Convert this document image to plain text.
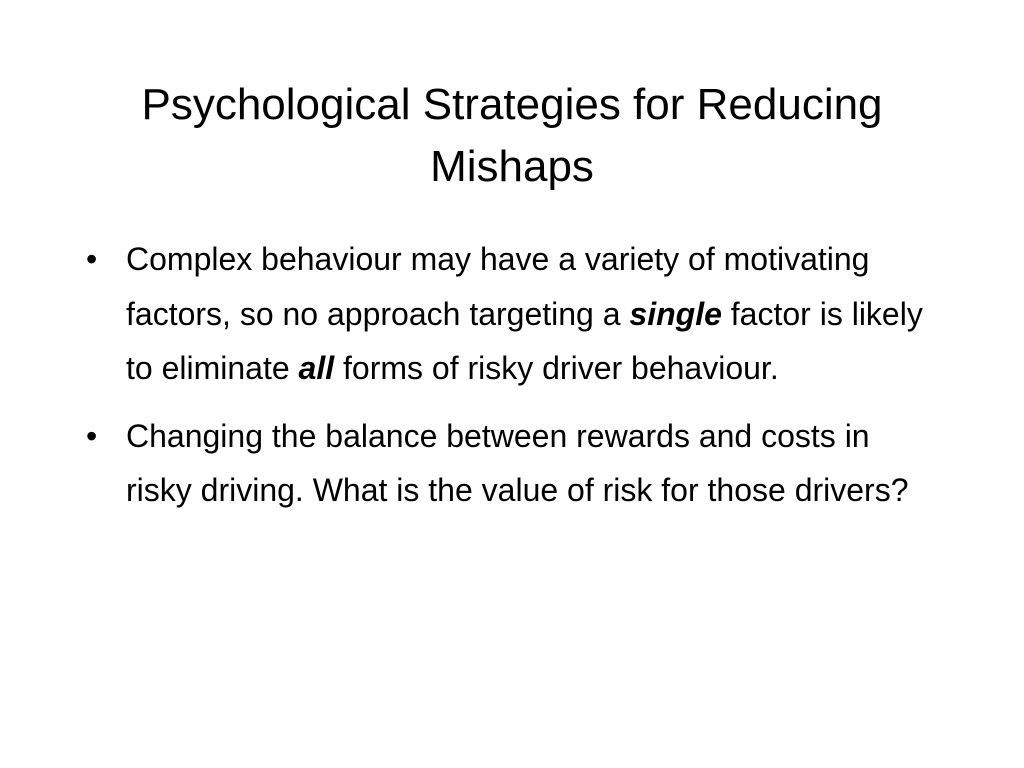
Psychological Strategies for Reducing Mishaps
• Complex behaviour may have a variety of motivating factors, so no approach targeting a single factor is likely to eliminate all forms of risky driver behaviour.
• Changing the balance between rewards and costs in risky driving. What is the value of risk for those drivers?
